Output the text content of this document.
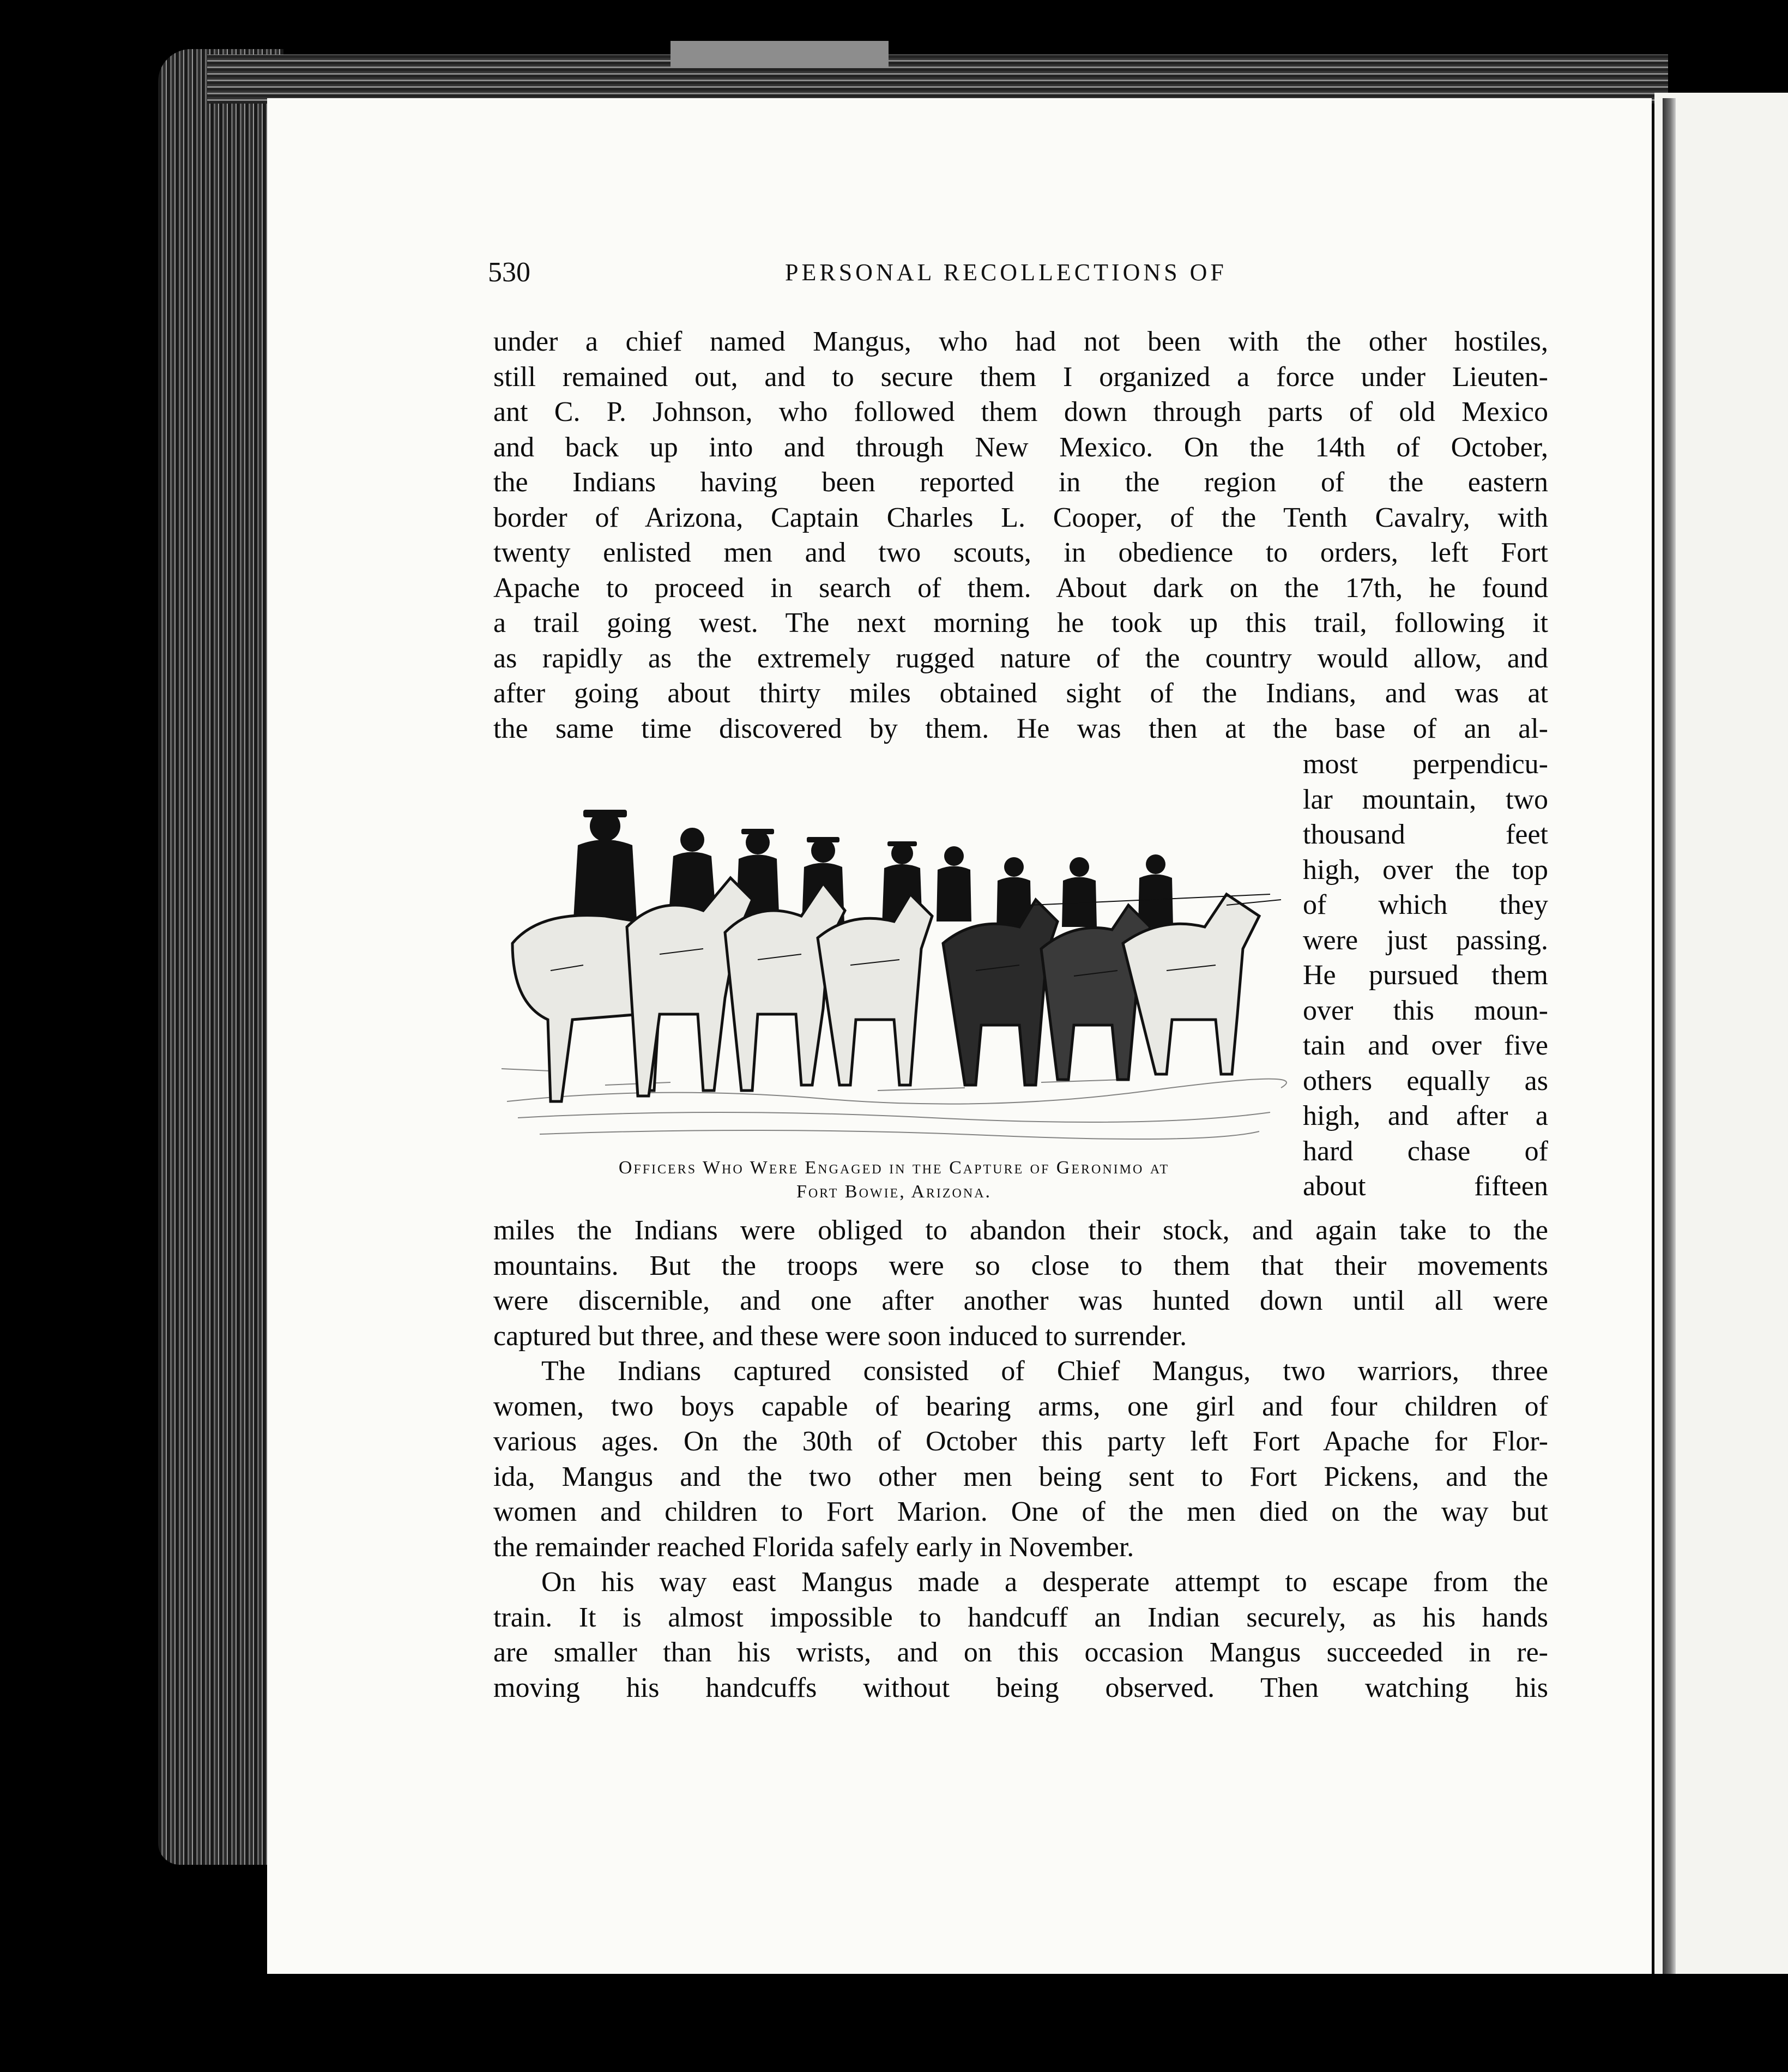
530	PERSONAL RECOLLECTIONS OF

under a chief named Mangus, who had not been with the other hostiles,
still remained out, and to secure them I organized a force under Lieuten-
ant C. P. Johnson, who followed them down through parts of old Mexico
and back up into and through New Mexico. On the 14th of October,
the Indians having been reported in the region of the eastern
border of Arizona, Captain Charles L. Cooper, of the Tenth Cavalry, with
twenty enlisted men and two scouts, in obedience to orders, left Fort
Apache to proceed in search of them. About dark on the 17th, he found
a trail going west. The next morning he took up this trail, following it
as rapidly as the extremely rugged nature of the country would allow, and
after going about thirty miles obtained sight of the Indians, and was at
the same time discovered by them. He was then at the base of an al-

most perpendicu-
lar mountain, two
thousand feet
high, over the top
of which they
were just passing.
He pursued them
over this moun-
tain and over five
others equally as
high, and after a
hard chase of
about fifteen

Officers Who Were Engaged in the Capture of Geronimo at
Fort Bowie, Arizona.

miles the Indians were obliged to abandon their stock, and again take to the
mountains. But the troops were so close to them that their movements
were discernible, and one after another was hunted down until all were
captured but three, and these were soon induced to surrender.
The Indians captured consisted of Chief Mangus, two warriors, three
women, two boys capable of bearing arms, one girl and four children of
various ages. On the 30th of October this party left Fort Apache for Flor-
ida, Mangus and the two other men being sent to Fort Pickens, and the
women and children to Fort Marion. One of the men died on the way but
the remainder reached Florida safely early in November.
On his way east Mangus made a desperate attempt to escape from the
train. It is almost impossible to handcuff an Indian securely, as his hands
are smaller than his wrists, and on this occasion Mangus succeeded in re-
moving his handcuffs without being observed. Then watching his
